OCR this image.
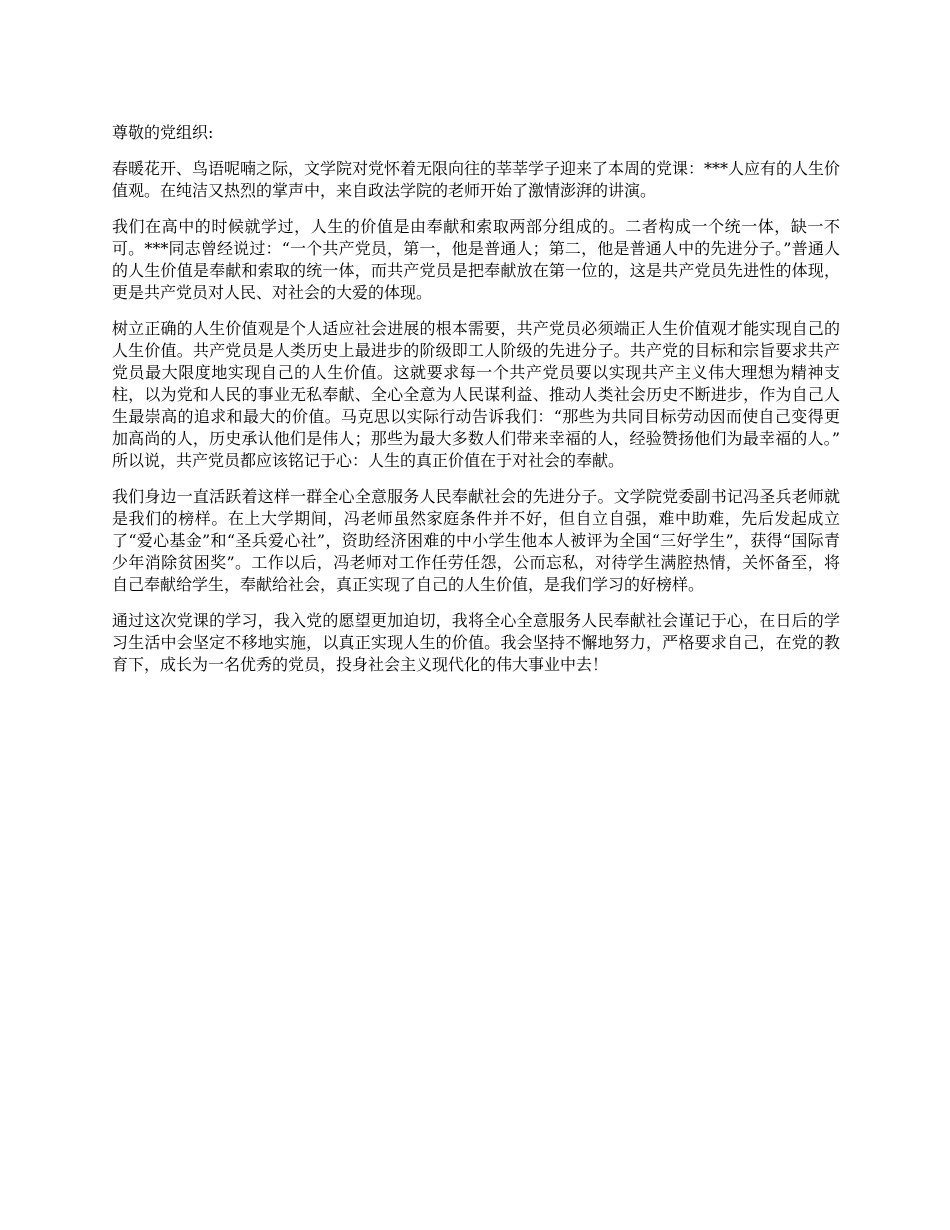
尊敬的党组织:

春暖花开、鸟语呢喃之际，文学院对党怀着无限向往的莘莘学子迎来了本周的党课：***人应有的人生价值观。在纯洁又热烈的掌声中，来自政法学院的老师开始了激情澎湃的讲演。

我们在高中的时候就学过，人生的价值是由奉献和索取两部分组成的。二者构成一个统一体，缺一不可。***同志曾经说过：“一个共产党员，第一，他是普通人；第二，他是普通人中的先进分子。”普通人的人生价值是奉献和索取的统一体，而共产党员是把奉献放在第一位的，这是共产党员先进性的体现，更是共产党员对人民、对社会的大爱的体现。

树立正确的人生价值观是个人适应社会进展的根本需要，共产党员必须端正人生价值观才能实现自己的人生价值。共产党员是人类历史上最进步的阶级即工人阶级的先进分子。共产党的目标和宗旨要求共产党员最大限度地实现自己的人生价值。这就要求每一个共产党员要以实现共产主义伟大理想为精神支柱，以为党和人民的事业无私奉献、全心全意为人民谋利益、推动人类社会历史不断进步，作为自己人生最崇高的追求和最大的价值。马克思以实际行动告诉我们：“那些为共同目标劳动因而使自己变得更加高尚的人，历史承认他们是伟人；那些为最大多数人们带来幸福的人，经验赞扬他们为最幸福的人。” 所以说，共产党员都应该铭记于心：人生的真正价值在于对社会的奉献。

我们身边一直活跃着这样一群全心全意服务人民奉献社会的先进分子。文学院党委副书记冯圣兵老师就是我们的榜样。在上大学期间，冯老师虽然家庭条件并不好，但自立自强，难中助难，先后发起成立了“爱心基金”和“圣兵爱心社”，资助经济困难的中小学生他本人被评为全国“三好学生”，获得“国际青少年消除贫困奖”。工作以后，冯老师对工作任劳任怨，公而忘私，对待学生满腔热情，关怀备至，将自己奉献给学生，奉献给社会，真正实现了自己的人生价值，是我们学习的好榜样。

通过这次党课的学习，我入党的愿望更加迫切，我将全心全意服务人民奉献社会谨记于心，在日后的学习生活中会坚定不移地实施，以真正实现人生的价值。我会坚持不懈地努力，严格要求自己，在党的教育下，成长为一名优秀的党员，投身社会主义现代化的伟大事业中去！
